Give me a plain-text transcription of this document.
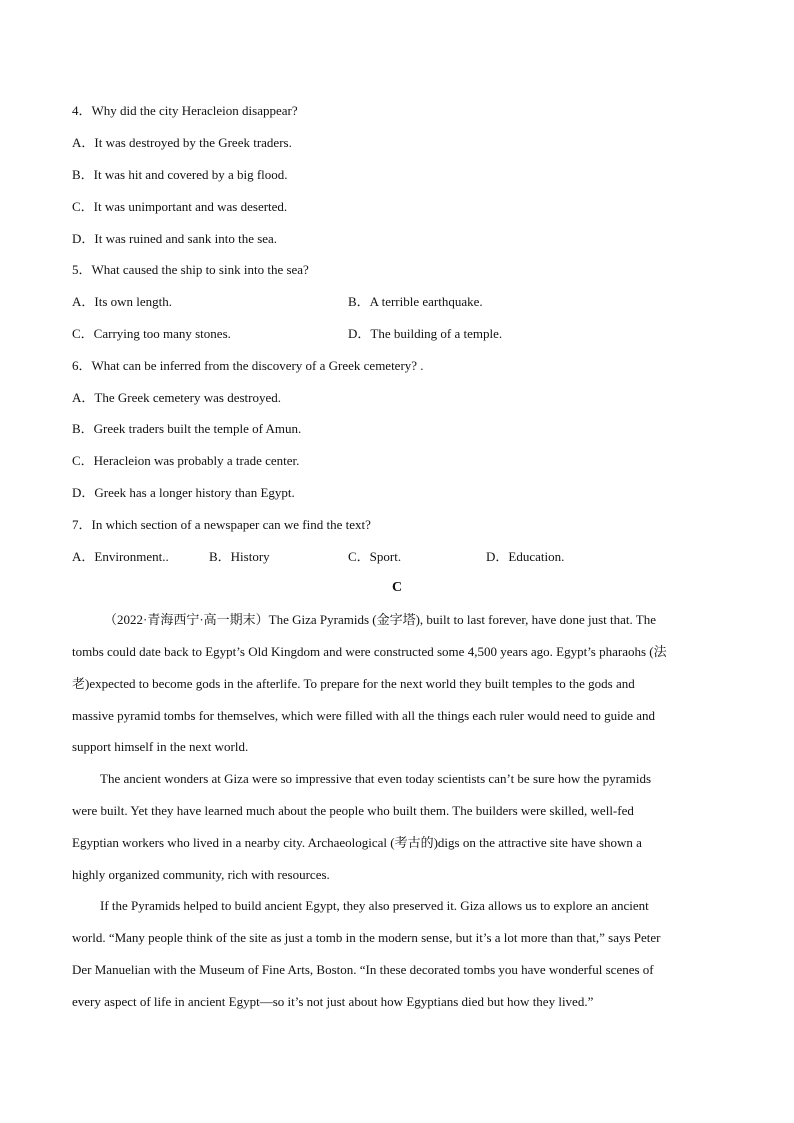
4．Why did the city Heracleion disappear?
A．It was destroyed by the Greek traders.
B．It was hit and covered by a big flood.
C．It was unimportant and was deserted.
D．It was ruined and sank into the sea.
5．What caused the ship to sink into the sea?
A．Its own length.	B．A terrible earthquake.
C．Carrying too many stones.	D．The building of a temple.
6．What can be inferred from the discovery of a Greek cemetery? .
A．The Greek cemetery was destroyed.
B．Greek traders built the temple of Amun.
C．Heracleion was probably a trade center.
D．Greek has a longer history than Egypt.
7．In which section of a newspaper can we find the text?
A．Environment..	B．History	C．Sport.	D．Education.
C
（2022·青海西宁·高一期末）The Giza Pyramids (金字塔), built to last forever, have done just that. The
tombs could date back to Egypt’s Old Kingdom and were constructed some 4,500 years ago. Egypt’s pharaohs (法
老)expected to become gods in the afterlife. To prepare for the next world they built temples to the gods and
massive pyramid tombs for themselves, which were filled with all the things each ruler would need to guide and
support himself in the next world.
The ancient wonders at Giza were so impressive that even today scientists can’t be sure how the pyramids
were built. Yet they have learned much about the people who built them. The builders were skilled, well-fed
Egyptian workers who lived in a nearby city. Archaeological (考古的)digs on the attractive site have shown a
highly organized community, rich with resources.
If the Pyramids helped to build ancient Egypt, they also preserved it. Giza allows us to explore an ancient
world. “Many people think of the site as just a tomb in the modern sense, but it’s a lot more than that,” says Peter
Der Manuelian with the Museum of Fine Arts, Boston. “In these decorated tombs you have wonderful scenes of
every aspect of life in ancient Egypt—so it’s not just about how Egyptians died but how they lived.”
